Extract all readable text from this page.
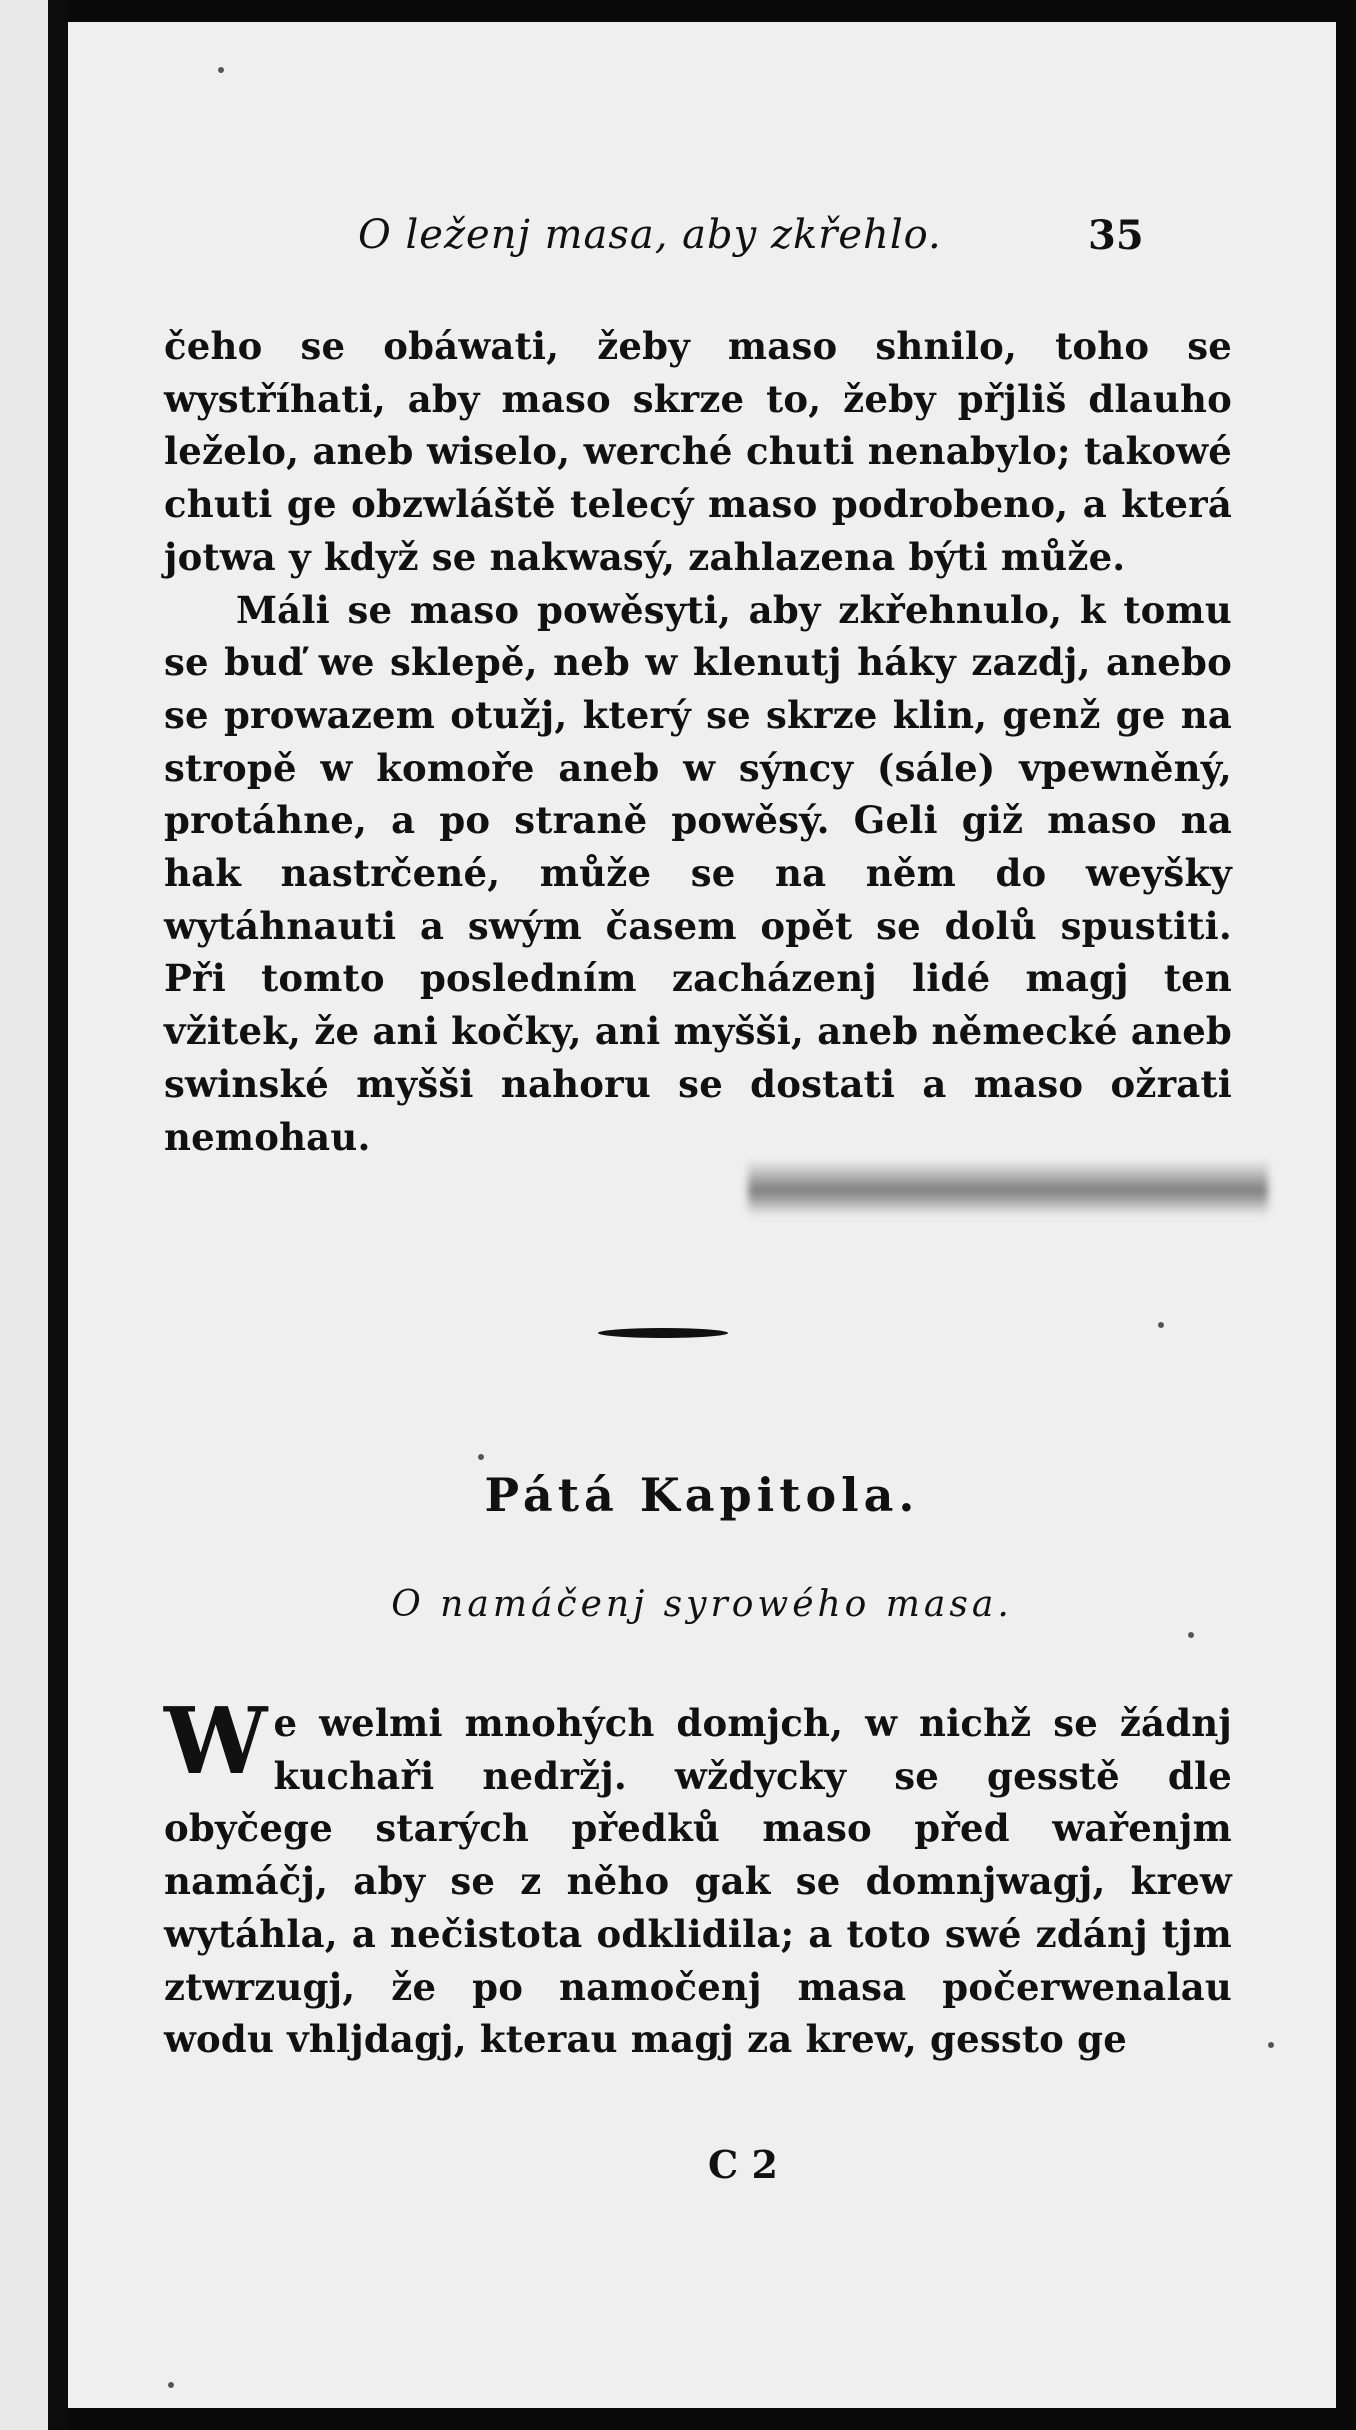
O leženj masa, aby zkřehlo.	35

čeho se obáwati, žeby maso shnilo, toho se wystříhati, aby maso skrze to, žeby přjliš dlauho leželo, aneb wiselo, werché chuti nenabylo; takowé chuti ge obzwláště telecý maso podrobeno, a která jotwa y když se nakwasý, zahlazena býti může.

Máli se maso powěsyti, aby zkřehnulo, k tomu se buď we sklepě, neb w klenutj háky zazdj, anebo se prowazem otužj, který se skrze klin, genž ge na stropě w komoře aneb w sýncy (sále) vpewněný, protáhne, a po straně powěsý. Geli giž maso na hak nastrčené, může se na něm do weyšky wytáhnauti a swým časem opět se dolů spustiti. Při tomto posledním zacházenj lidé magj ten vžitek, že ani kočky, ani myšši, aneb německé aneb swinské myšši nahoru se dostati a maso ožrati nemohau.

Pátá Kapitola.
O namáčenj syrowého masa.
W e welmi mnohých domjch, w nichž se žádnj kuchaři nedržj. wždycky se gesstě dle obyčege starých předků maso před wařenjm namáčj, aby se z něho gak se domnjwagj, krew wytáhla, a nečistota odklidila; a toto swé zdánj tjm ztwrzugj, že po namočenj masa počerwenalau wodu vhljdagj, kterau magj za krew, gesstо ge
C 2
